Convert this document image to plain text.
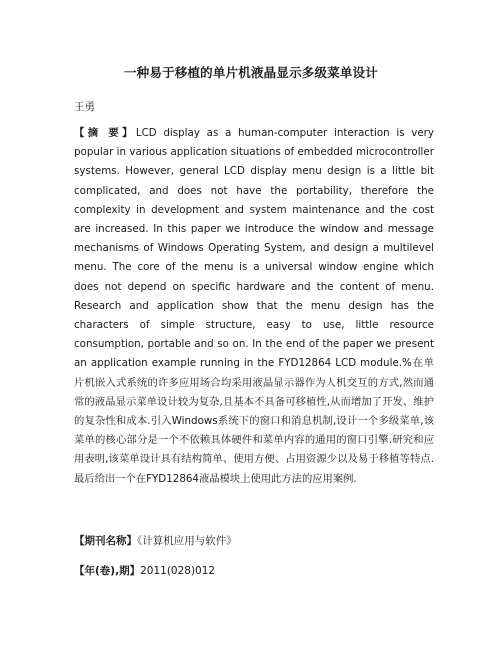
一种易于移植的单片机液晶显示多级菜单设计
王勇

【摘 要】LCD display as a human-computer interaction is very popular in various application situations of embedded microcontroller systems. However, general LCD display menu design is a little bit complicated, and does not have the portability, therefore the complexity in development and system maintenance and the cost are increased. In this paper we introduce the window and message mechanisms of Windows Operating System, and design a multilevel menu. The core of the menu is a universal window engine which does not depend on specific hardware and the content of menu. Research and application show that the menu design has the characters of simple structure, easy to use, little resource consumption, portable and so on. In the end of the paper we present an application example running in the FYD12864 LCD module.%在单片机嵌入式系统的许多应用场合均采用液晶显示器作为人机交互的方式,然而通常的液晶显示菜单设计较为复杂,且基本不具备可移植性,从而增加了开发、维护的复杂性和成本.引入Windows系统下的窗口和消息机制,设计一个多级菜单,该菜单的核心部分是一个不依赖具体硬件和菜单内容的通用的窗口引擎.研究和应用表明,该菜单设计具有结构简单、使用方便、占用资源少以及易于移植等特点.最后给出一个在FYD12864液晶模块上使用此方法的应用案例.

【期刊名称】《计算机应用与软件》
【年(卷),期】2011(028)012
